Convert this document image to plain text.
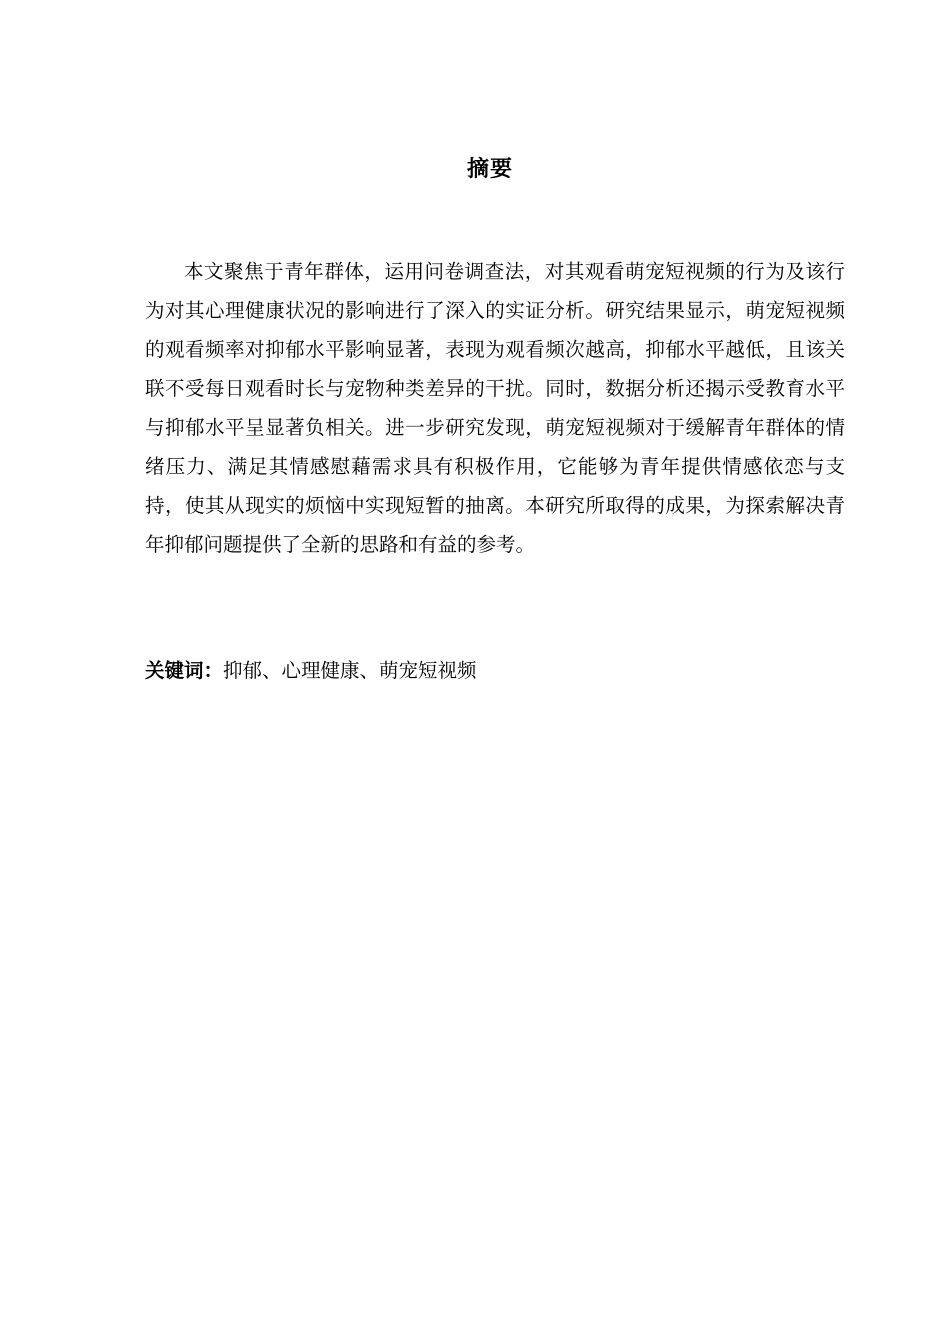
摘要

本文聚焦于青年群体，运用问卷调查法，对其观看萌宠短视频的行为及该行为对其心理健康状况的影响进行了深入的实证分析。研究结果显示，萌宠短视频的观看频率对抑郁水平影响显著，表现为观看频次越高，抑郁水平越低，且该关联不受每日观看时长与宠物种类差异的干扰。同时，数据分析还揭示受教育水平与抑郁水平呈显著负相关。进一步研究发现，萌宠短视频对于缓解青年群体的情绪压力、满足其情感慰藉需求具有积极作用，它能够为青年提供情感依恋与支持，使其从现实的烦恼中实现短暂的抽离。本研究所取得的成果，为探索解决青年抑郁问题提供了全新的思路和有益的参考。

关键词：抑郁、心理健康、萌宠短视频
